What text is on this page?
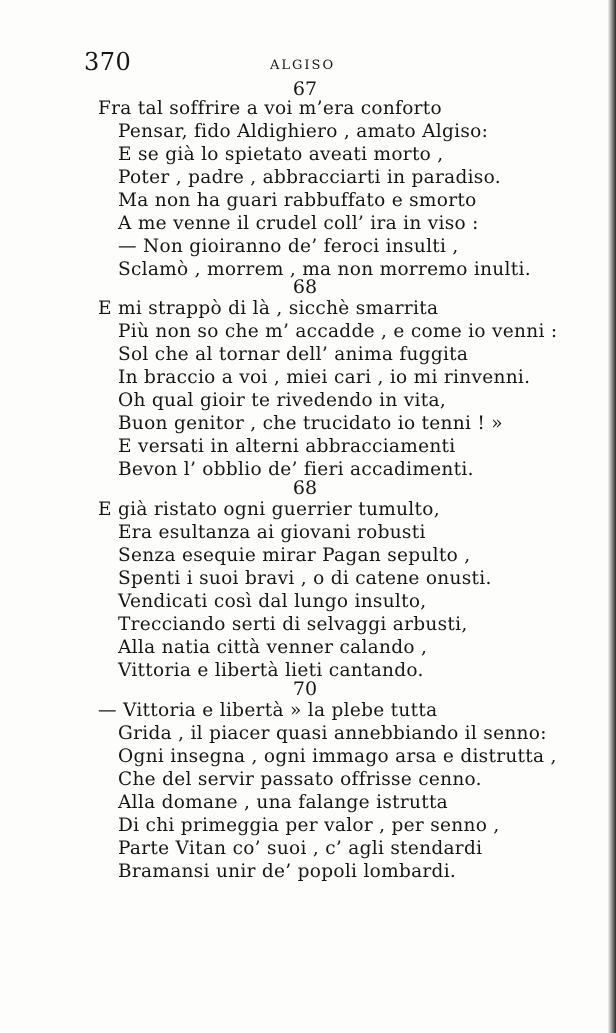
370	ALGISO
67
Fra tal soffrire a voi m’era conforto
Pensar, fido Aldighiero , amato Algiso:
E se già lo spietato aveati morto ,
Poter , padre , abbracciarti in paradiso.
Ma non ha guari rabbuffato e smorto
A me venne il crudel coll’ ira in viso :
— Non gioiranno de’ feroci insulti ,
Sclamò , morrem , ma non morremo inulti.
68
E mi strappò di là , sicchè smarrita
Più non so che m’ accadde , e come io venni :
Sol che al tornar dell’ anima fuggita
In braccio a voi , miei cari , io mi rinvenni.
Oh qual gioir te rivedendo in vita,
Buon genitor , che trucidato io tenni ! »
E versati in alterni abbracciamenti
Bevon l’ obblio de’ fieri accadimenti.
68
E già ristato ogni guerrier tumulto,
Era esultanza ai giovani robusti
Senza esequie mirar Pagan sepulto ,
Spenti i suoi bravi , o di catene onusti.
Vendicati così dal lungo insulto,
Trecciando serti di selvaggi arbusti,
Alla natia città venner calando ,
Vittoria e libertà lieti cantando.
70
— Vittoria e libertà » la plebe tutta
Grida , il piacer quasi annebbiando il senno:
Ogni insegna , ogni immago arsa e distrutta ,
Che del servir passato offrisse cenno.
Alla domane , una falange istrutta
Di chi primeggia per valor , per senno ,
Parte Vitan co’ suoi , c’ agli stendardi
Bramansi unir de’ popoli lombardi.
